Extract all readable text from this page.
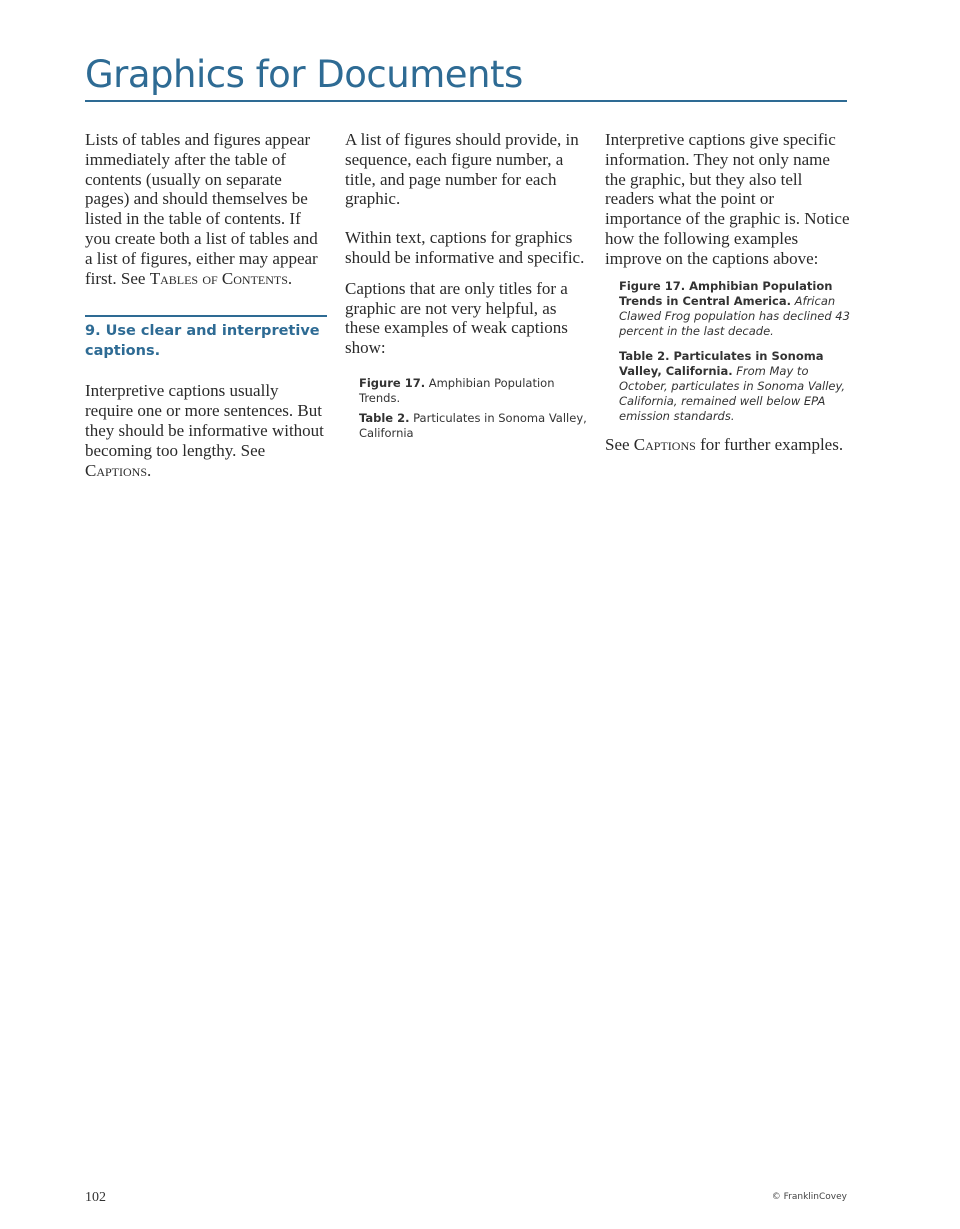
Graphics for Documents

Lists of tables and figures appear immediately after the table of contents (usually on separate pages) and should themselves be listed in the table of contents. If you create both a list of tables and a list of figures, either may appear first. See Tables of Contents.

9. Use clear and interpretive captions.

Interpretive captions usually require one or more sentences. But they should be informative without becoming too lengthy. See Captions.

A list of figures should provide, in sequence, each figure number, a title, and page number for each graphic.

Within text, captions for graphics should be informative and specific.

Captions that are only titles for a graphic are not very helpful, as these examples of weak captions show:

Figure 17. Amphibian Population Trends.

Table 2. Particulates in Sonoma Valley, California

Interpretive captions give specific information. They not only name the graphic, but they also tell readers what the point or importance of the graphic is. Notice how the following examples improve on the captions above:

Figure 17. Amphibian Population Trends in Central America. African Clawed Frog population has declined 43 percent in the last decade.

Table 2. Particulates in Sonoma Valley, California. From May to October, particulates in Sonoma Valley, California, remained well below EPA emission standards.

See Captions for further examples.

102	© FranklinCovey
